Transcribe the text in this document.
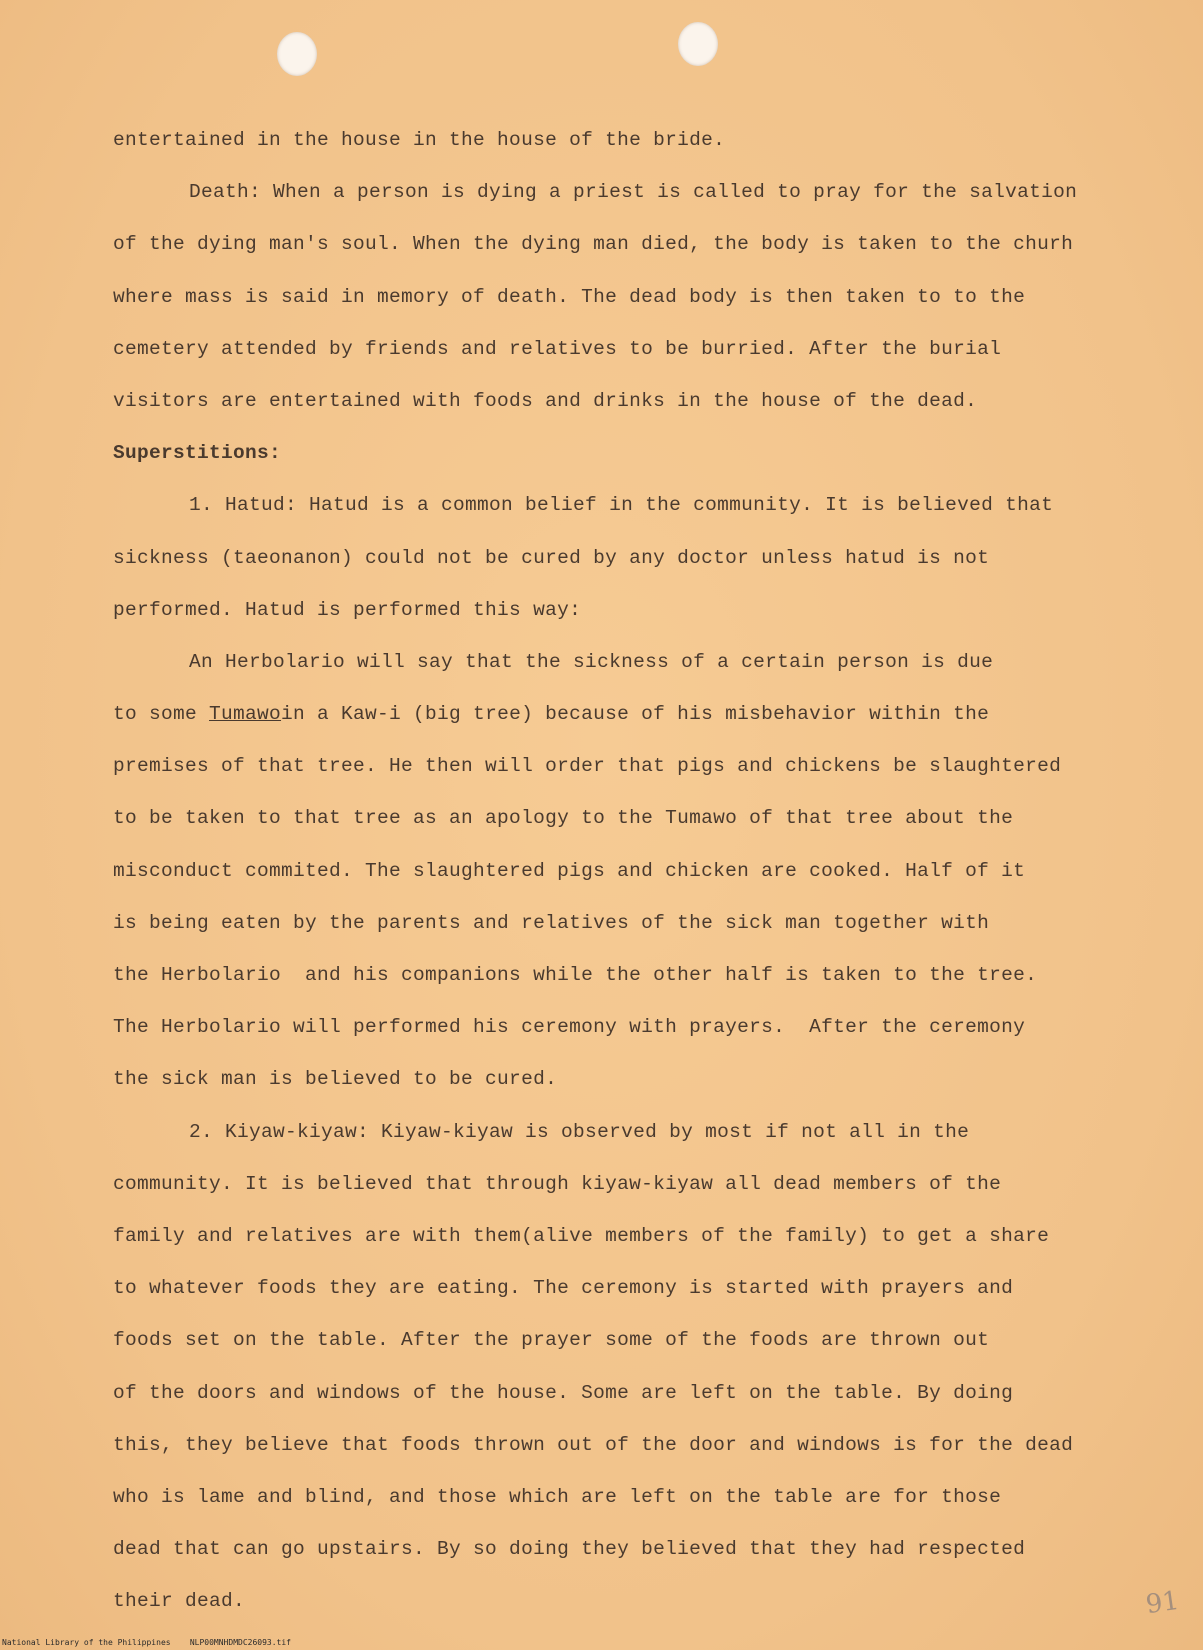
entertained in the house in the house of the bride.
Death: When a person is dying a priest is called to pray for the salvation
of the dying man's soul. When the dying man died, the body is taken to the churh
where mass is said in memory of death. The dead body is then taken to to the
cemetery attended by friends and relatives to be burried. After the burial
visitors are entertained with foods and drinks in the house of the dead.
Superstitions:
1. Hatud: Hatud is a common belief in the community. It is believed that
sickness (taeonanon) could not be cured by any doctor unless hatud is not
performed. Hatud is performed this way:
An Herbolario will say that the sickness of a certain person is due
to some Tumawoin a Kaw-i (big tree) because of his misbehavior within the
premises of that tree. He then will order that pigs and chickens be slaughtered
to be taken to that tree as an apology to the Tumawo of that tree about the
misconduct commited. The slaughtered pigs and chicken are cooked. Half of it
is being eaten by the parents and relatives of the sick man together with
the Herbolario  and his companions while the other half is taken to the tree.
The Herbolario will performed his ceremony with prayers.  After the ceremony
the sick man is believed to be cured.
2. Kiyaw-kiyaw: Kiyaw-kiyaw is observed by most if not all in the
community. It is believed that through kiyaw-kiyaw all dead members of the
family and relatives are with them(alive members of the family) to get a share
to whatever foods they are eating. The ceremony is started with prayers and
foods set on the table. After the prayer some of the foods are thrown out
of the doors and windows of the house. Some are left on the table. By doing
this, they believe that foods thrown out of the door and windows is for the dead
who is lame and blind, and those which are left on the table are for those
dead that can go upstairs. By so doing they believed that they had respected
their dead.	91
National Library of the Philippines    NLP00MNHDMDC26093.tif
